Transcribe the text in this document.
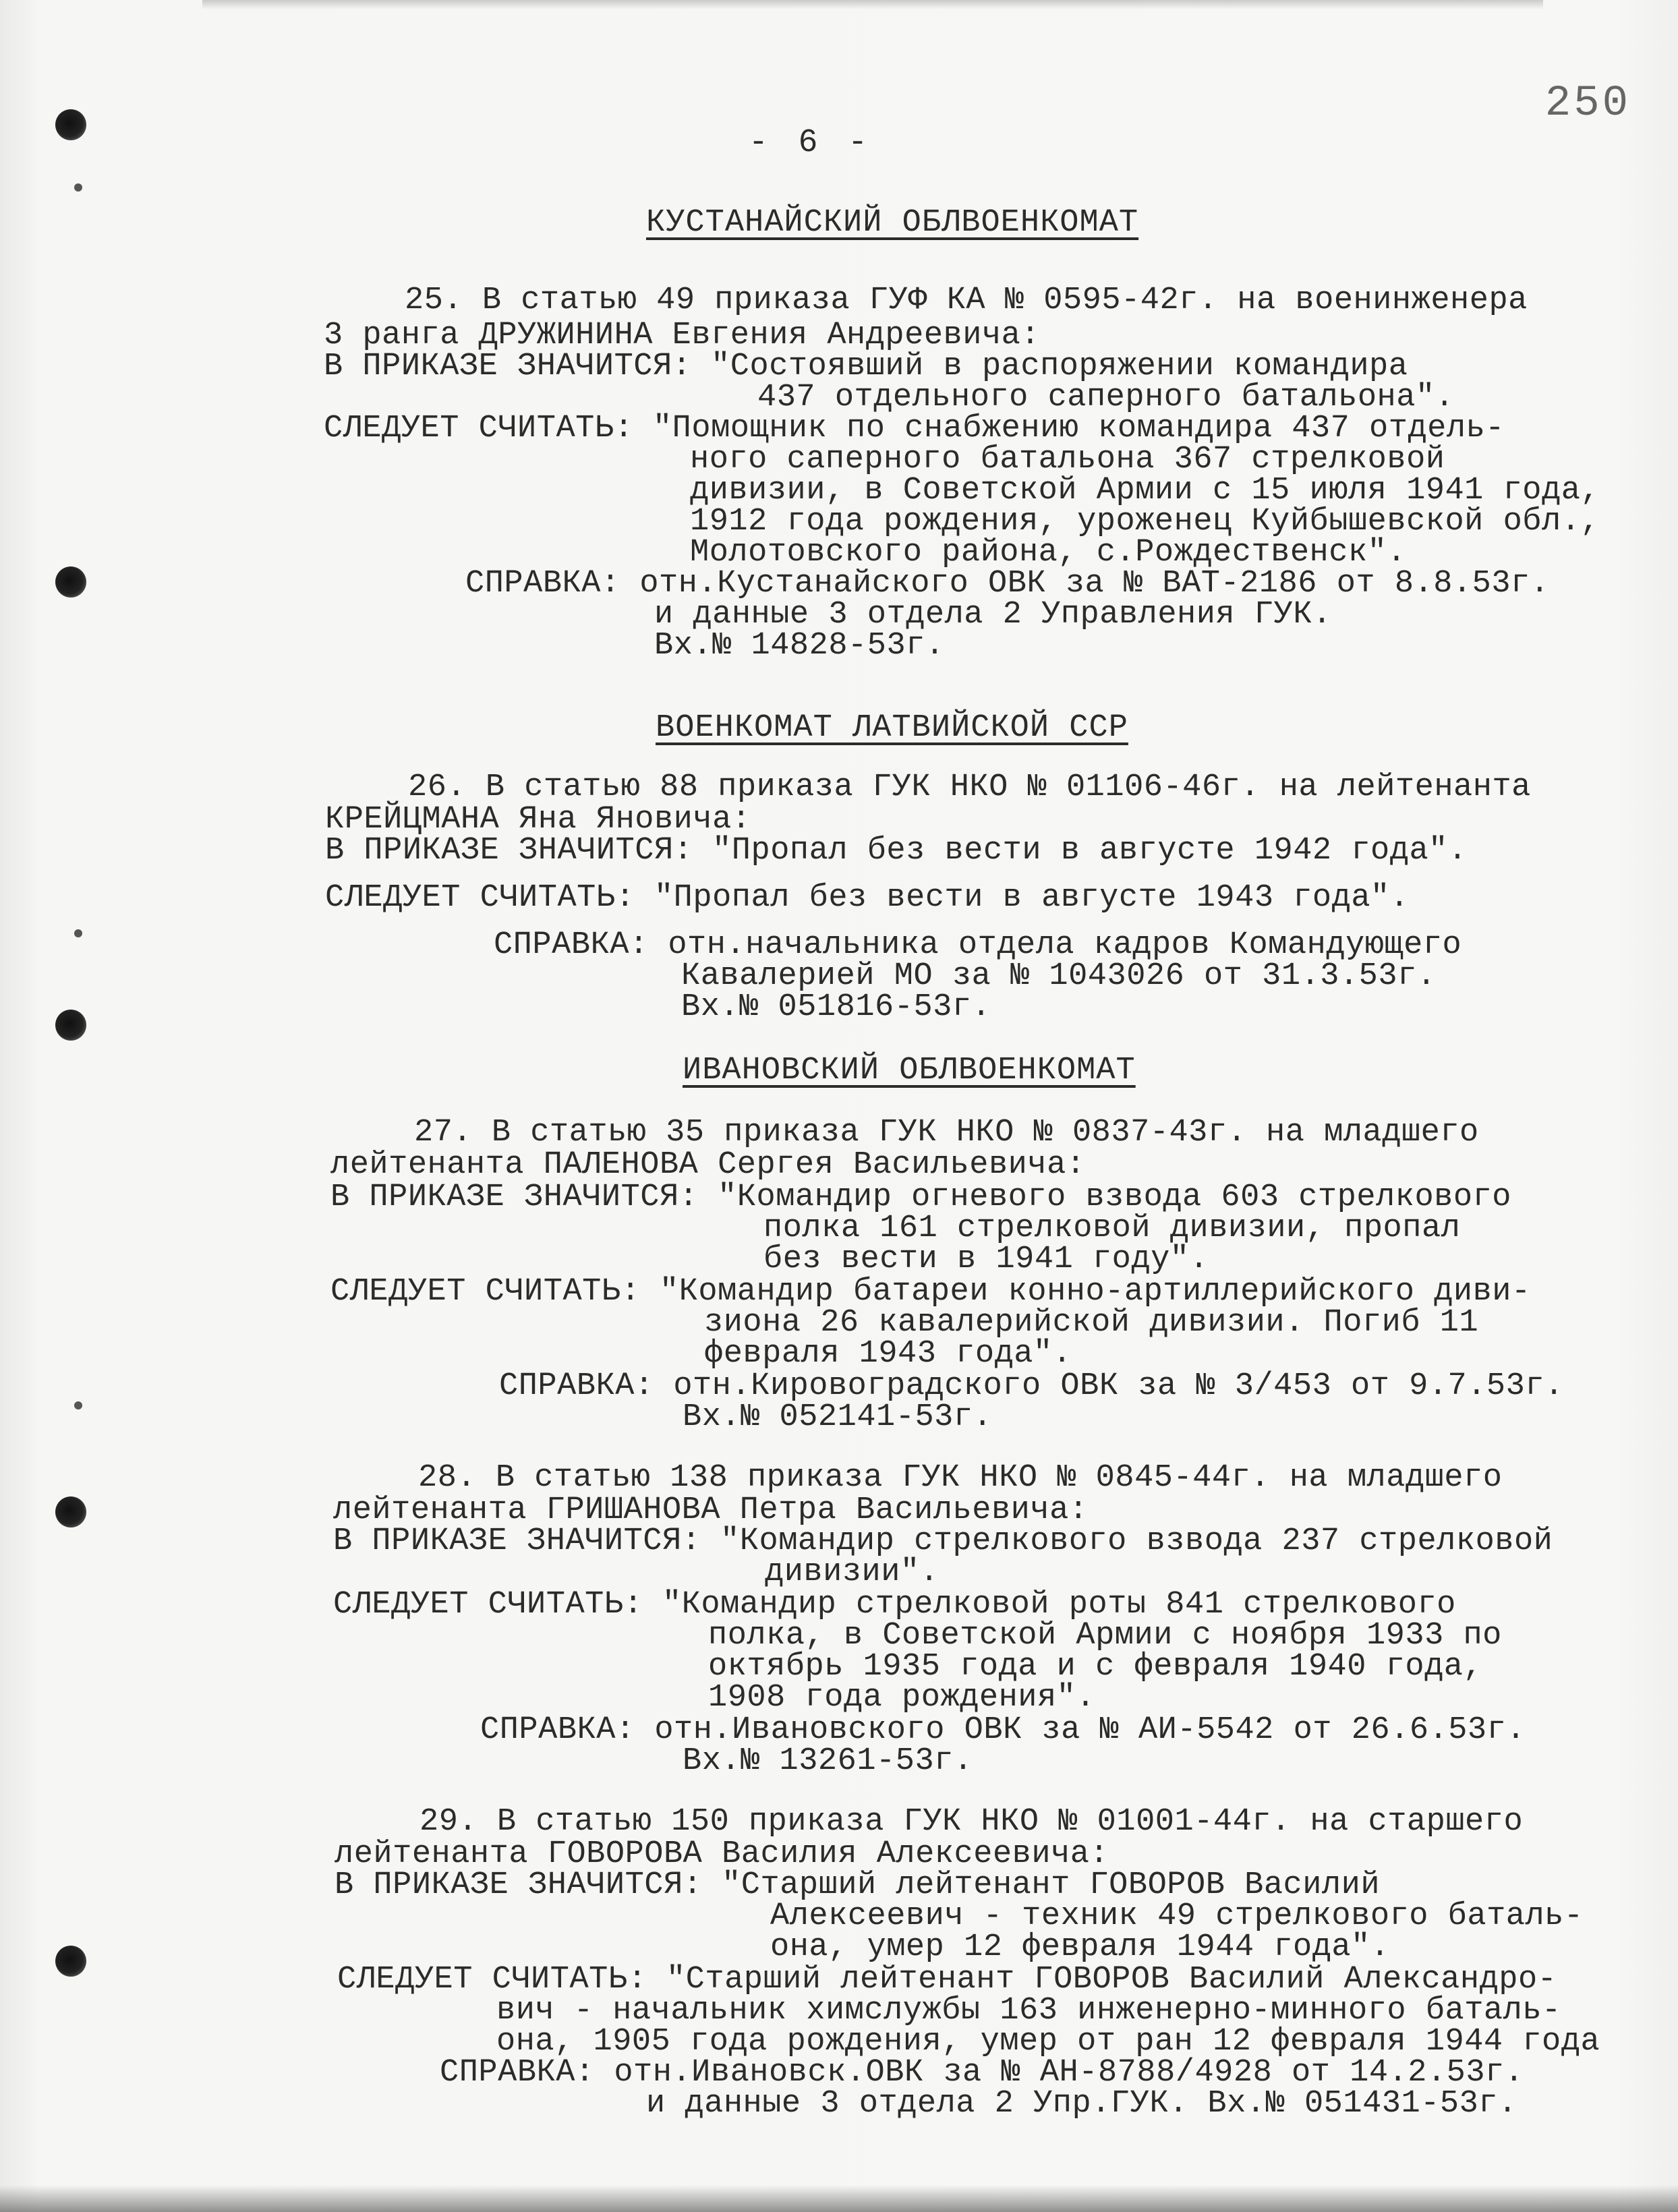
250
- 6 -
КУСТАНАЙСКИЙ ОБЛВОЕНКОМАТ
25. В статью 49 приказа ГУФ КА № 0595-42г. на военинженера
3 ранга ДРУЖИНИНА Евгения Андреевича:
В ПРИКАЗЕ ЗНАЧИТСЯ: "Состоявший в распоряжении командира
437 отдельного саперного батальона".
СЛЕДУЕТ СЧИТАТЬ: "Помощник по снабжению командира 437 отдель-
ного саперного батальона 367 стрелковой
дивизии, в Советской Армии с 15 июля 1941 года,
1912 года рождения, уроженец Куйбышевской обл.,
Молотовского района, с.Рождественск".
СПРАВКА: отн.Кустанайского ОВК за № ВАТ-2186 от 8.8.53г.
и данные 3 отдела 2 Управления ГУК.
Вх.№ 14828-53г.
ВОЕНКОМАТ ЛАТВИЙСКОЙ ССР
26. В статью 88 приказа ГУК НКО № 01106-46г. на лейтенанта
КРЕЙЦМАНА Яна Яновича:
В ПРИКАЗЕ ЗНАЧИТСЯ: "Пропал без вести в августе 1942 года".
СЛЕДУЕТ СЧИТАТЬ: "Пропал без вести в августе 1943 года".
СПРАВКА: отн.начальника отдела кадров Командующего
Кавалерией МО за № 1043026 от 31.3.53г.
Вх.№ 051816-53г.
ИВАНОВСКИЙ ОБЛВОЕНКОМАТ
27. В статью 35 приказа ГУК НКО № 0837-43г. на младшего
лейтенанта ПАЛЕНОВА Сергея Васильевича:
В ПРИКАЗЕ ЗНАЧИТСЯ: "Командир огневого взвода 603 стрелкового
полка 161 стрелковой дивизии, пропал
без вести в 1941 году".
СЛЕДУЕТ СЧИТАТЬ: "Командир батареи конно-артиллерийского диви-
зиона 26 кавалерийской дивизии. Погиб 11
февраля 1943 года".
СПРАВКА: отн.Кировоградского ОВК за № 3/453 от 9.7.53г.
Вх.№ 052141-53г.
28. В статью 138 приказа ГУК НКО № 0845-44г. на младшего
лейтенанта ГРИШАНОВА Петра Васильевича:
В ПРИКАЗЕ ЗНАЧИТСЯ: "Командир стрелкового взвода 237 стрелковой
дивизии".
СЛЕДУЕТ СЧИТАТЬ: "Командир стрелковой роты 841 стрелкового
полка, в Советской Армии с ноября 1933 по
октябрь 1935 года и с февраля 1940 года,
1908 года рождения".
СПРАВКА: отн.Ивановского ОВК за № АИ-5542 от 26.6.53г.
Вх.№ 13261-53г.
29. В статью 150 приказа ГУК НКО № 01001-44г. на старшего
лейтенанта ГОВОРОВА Василия Алексеевича:
В ПРИКАЗЕ ЗНАЧИТСЯ: "Старший лейтенант ГОВОРОВ Василий
Алексеевич - техник 49 стрелкового баталь-
она, умер 12 февраля 1944 года".
СЛЕДУЕТ СЧИТАТЬ: "Старший лейтенант ГОВОРОВ Василий Александро-
вич - начальник химслужбы 163 инженерно-минного баталь-
она, 1905 года рождения, умер от ран 12 февраля 1944 года
СПРАВКА: отн.Ивановск.ОВК за № АН-8788/4928 от 14.2.53г.
и данные 3 отдела 2 Упр.ГУК. Вх.№ 051431-53г.
